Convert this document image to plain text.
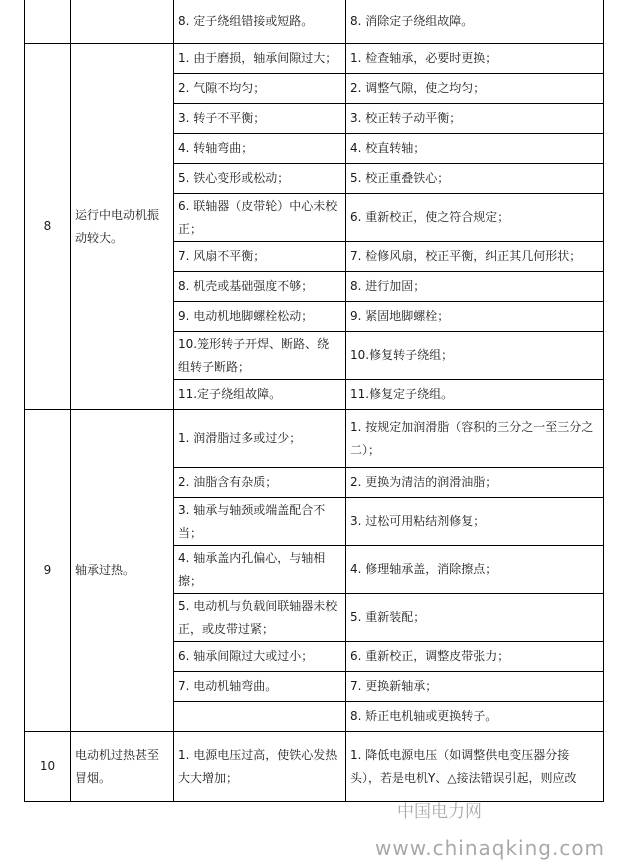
		8. 定子绕组错接或短路。	8. 消除定子绕组故障。
8	运行中电动机振动较大。	1. 由于磨损，轴承间隙过大；	1. 检查轴承，必要时更换；
		2. 气隙不均匀；	2. 调整气隙，使之均匀；
		3. 转子不平衡；	3. 校正转子动平衡；
		4. 转轴弯曲；	4. 校直转轴；
		5. 铁心变形或松动；	5. 校正重叠铁心；
		6. 联轴器（皮带轮）中心未校正；	6. 重新校正，使之符合规定；
		7. 风扇不平衡；	7. 检修风扇，校正平衡，纠正其几何形状；
		8. 机壳或基础强度不够；	8. 进行加固；
		9. 电动机地脚螺栓松动；	9. 紧固地脚螺栓；
		10.笼形转子开焊、断路、绕组转子断路；	10.修复转子绕组；
		11.定子绕组故障。	11.修复定子绕组。
9	轴承过热。	1. 润滑脂过多或过少；	1. 按规定加润滑脂（容积的三分之一至三分之二）；
		2. 油脂含有杂质；	2. 更换为清洁的润滑油脂；
		3. 轴承与轴颈或端盖配合不当；	3. 过松可用粘结剂修复；
		4. 轴承盖内孔偏心，与轴相擦；	4. 修理轴承盖，消除擦点；
		5. 电动机与负载间联轴器未校正，或皮带过紧；	5. 重新装配；
		6. 轴承间隙过大或过小；	6. 重新校正，调整皮带张力；
		7. 电动机轴弯曲。	7. 更换新轴承；
			8. 矫正电机轴或更换转子。
10	电动机过热甚至冒烟。	1. 电源电压过高，使铁心发热大大增加；	1. 降低电源电压（如调整供电变压器分接头），若是电机Y、△接法错误引起，则应改
中国电力网
www.chinaqking.com
